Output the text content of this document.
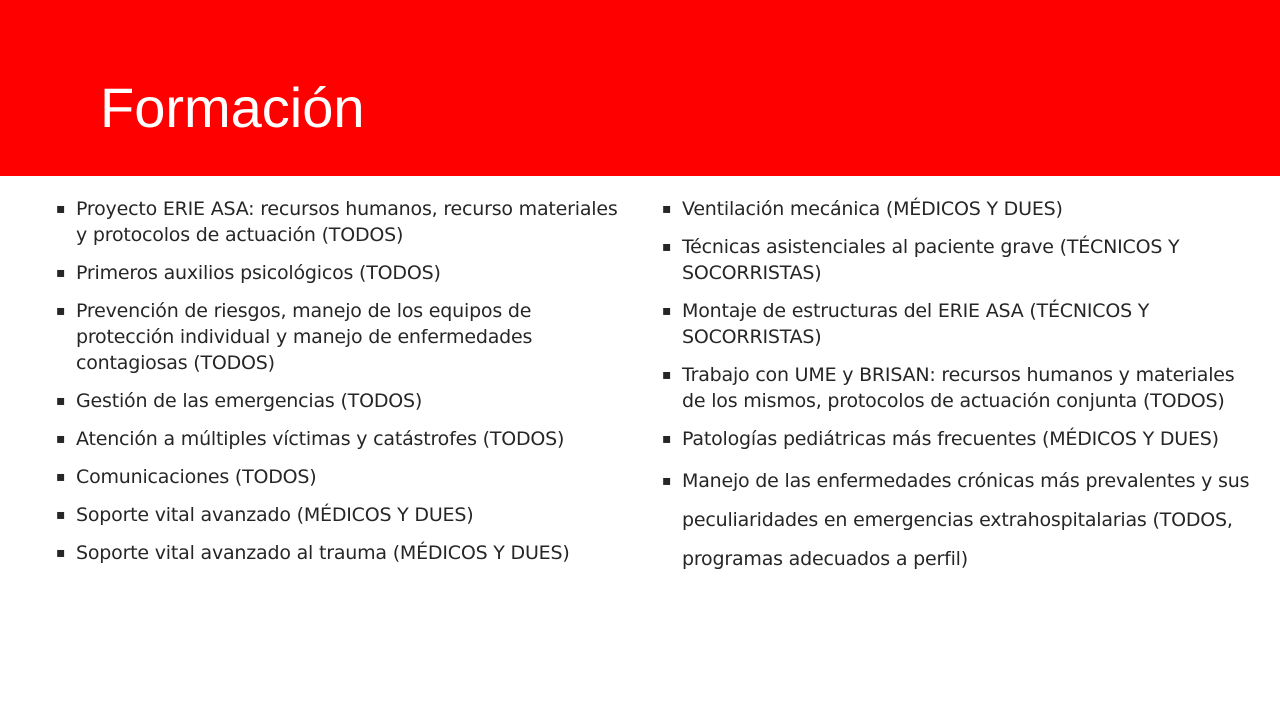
Formación
▪ Proyecto ERIE ASA: recursos humanos, recurso materiales y protocolos de actuación (TODOS)
▪ Primeros auxilios psicológicos (TODOS)
▪ Prevención de riesgos, manejo de los equipos de protección individual y manejo de enfermedades contagiosas (TODOS)
▪ Gestión de las emergencias (TODOS)
▪ Atención a múltiples víctimas y catástrofes (TODOS)
▪ Comunicaciones (TODOS)
▪ Soporte vital avanzado (MÉDICOS Y DUES)
▪ Soporte vital avanzado al trauma (MÉDICOS Y DUES)
▪ Ventilación mecánica (MÉDICOS Y DUES)
▪ Técnicas asistenciales al paciente grave (TÉCNICOS Y SOCORRISTAS)
▪ Montaje de estructuras del ERIE ASA (TÉCNICOS Y SOCORRISTAS)
▪ Trabajo con UME y BRISAN: recursos humanos y materiales de los mismos, protocolos de actuación conjunta (TODOS)
▪ Patologías pediátricas más frecuentes (MÉDICOS Y DUES)
▪ Manejo de las enfermedades crónicas más prevalentes y sus peculiaridades en emergencias extrahospitalarias (TODOS, programas adecuados a perfil)
